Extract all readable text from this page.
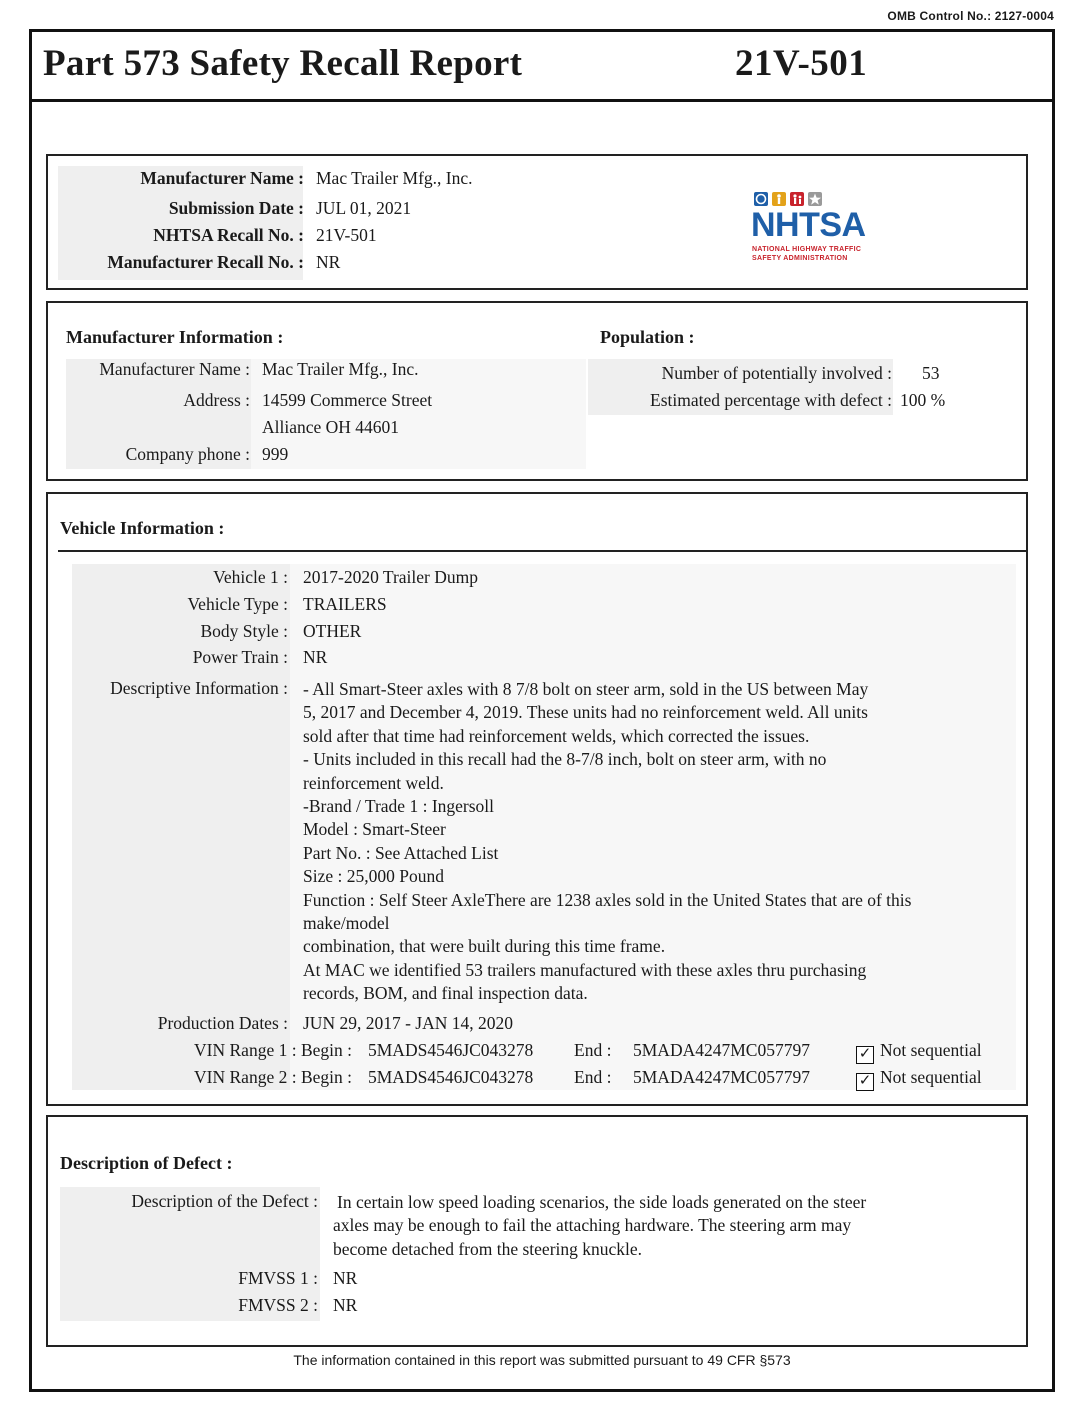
OMB Control No.: 2127-0004
Part 573 Safety Recall Report	21V-501
Manufacturer Name : Mac Trailer Mfg., Inc.
Submission Date : JUL 01, 2021
NHTSA Recall No. : 21V-501
Manufacturer Recall No. : NR
NHTSA
NATIONAL HIGHWAY TRAFFIC
SAFETY ADMINISTRATION
Manufacturer Information :
Manufacturer Name : Mac Trailer Mfg., Inc.
Address : 14599 Commerce Street
Alliance OH 44601
Company phone : 999
Population :
Number of potentially involved : 53
Estimated percentage with defect : 100 %
Vehicle Information :
Vehicle 1 : 2017-2020 Trailer Dump
Vehicle Type : TRAILERS
Body Style : OTHER
Power Train : NR
Descriptive Information : - All Smart-Steer axles with 8 7/8 bolt on steer arm, sold in the US between May
5, 2017 and December 4, 2019. These units had no reinforcement weld. All units
sold after that time had reinforcement welds, which corrected the issues.
- Units included in this recall had the 8-7/8 inch, bolt on steer arm, with no
reinforcement weld.
-Brand / Trade 1 : Ingersoll
Model : Smart-Steer
Part No. : See Attached List
Size : 25,000 Pound
Function : Self Steer AxleThere are 1238 axles sold in the United States that are of this
make/model
combination, that were built during this time frame.
At MAC we identified 53 trailers manufactured with these axles thru purchasing
records, BOM, and final inspection data.
Production Dates : JUN 29, 2017 - JAN 14, 2020
VIN Range 1 : Begin : 5MADS4546JC043278 End : 5MADA4247MC057797	✓ Not sequential
VIN Range 2 : Begin : 5MADS4546JC043278 End : 5MADA4247MC057797	✓ Not sequential
Description of Defect :
Description of the Defect : In certain low speed loading scenarios, the side loads generated on the steer
axles may be enough to fail the attaching hardware. The steering arm may
become detached from the steering knuckle.
FMVSS 1 : NR
FMVSS 2 : NR
The information contained in this report was submitted pursuant to 49 CFR §573
